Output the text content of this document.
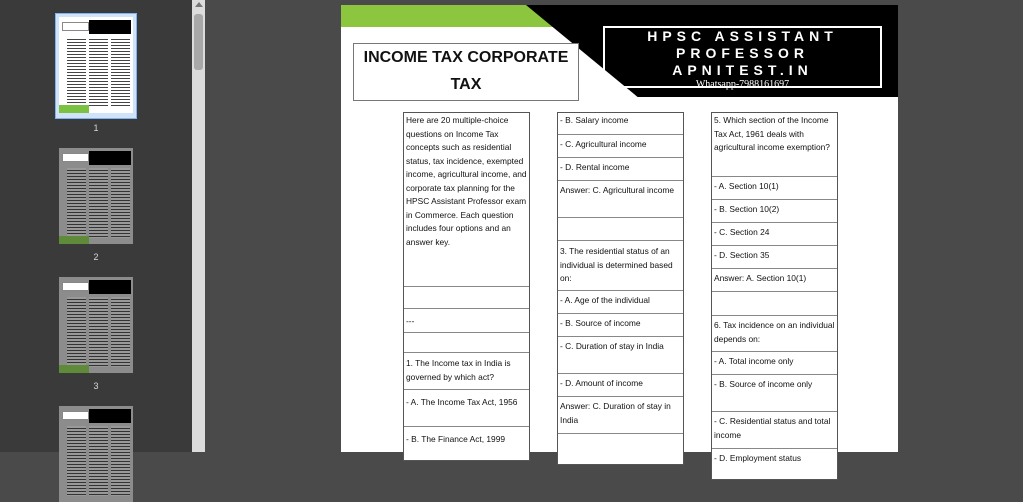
1
2
3
INCOME TAX CORPORATE
TAX
HPSC ASSISTANT
PROFESSOR
APNITEST.IN
Whatsapp-7988161697
Here are 20 multiple-choice questions on Income Tax concepts such as residential status, tax incidence, exempted income, agricultural income, and corporate tax planning for the HPSC Assistant Professor exam in Commerce. Each question includes four options and an answer key.
---
1. The Income tax in India is governed by which act?
- A. The Income Tax Act, 1956
- B. The Finance Act, 1999
- B. Salary income
- C. Agricultural income
- D. Rental income
Answer: C. Agricultural income
3. The residential status of an individual is determined based on:
- A. Age of the individual
- B. Source of income
- C. Duration of stay in India
- D. Amount of income
Answer: C. Duration of stay in India
5. Which section of the Income Tax Act, 1961 deals with agricultural income exemption?
- A. Section 10(1)
- B. Section 10(2)
- C. Section 24
- D. Section 35
Answer: A. Section 10(1)
6. Tax incidence on an individual depends on:
- A. Total income only
- B. Source of income only
- C. Residential status and total income
- D. Employment status
